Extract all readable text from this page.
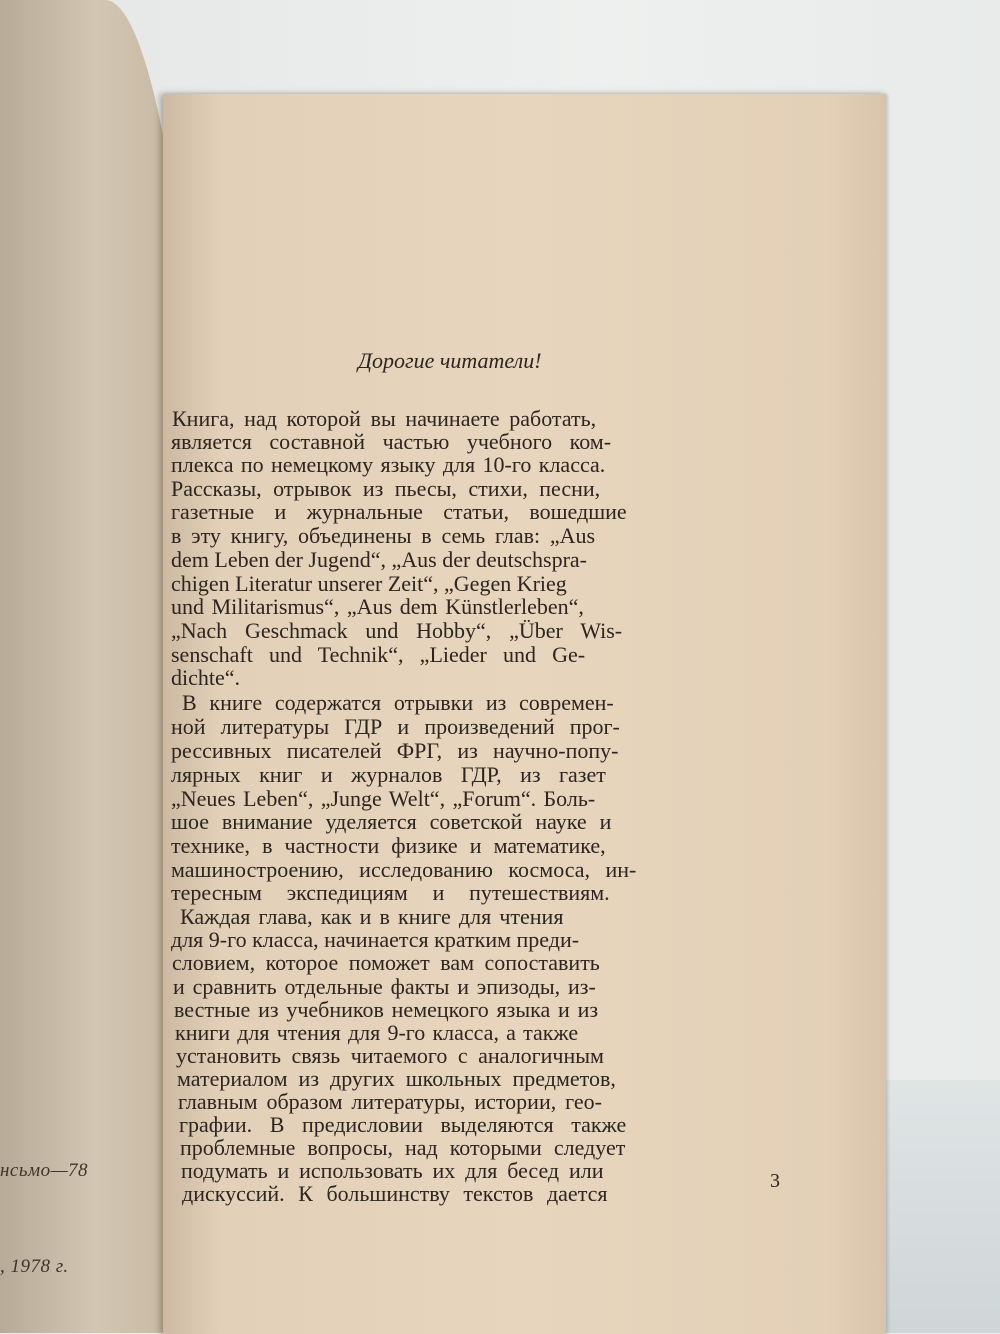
нсьмо—78
, 1978 г.
Дорогие читатели!
Книга, над которой вы начинаете работать,
является составной частью учебного ком-
плекса по немецкому языку для 10-го класса.
Рассказы, отрывок из пьесы, стихи, песни,
газетные и журнальные статьи, вошедшие
в эту книгу, объединены в семь глав: „Aus
dem Leben der Jugend“, „Aus der deutschspra-
chigen Literatur unserer Zeit“, „Gegen Krieg
und Militarismus“, „Aus dem Künstlerleben“,
„Nach Geschmack und Hobby“, „Über Wis-
senschaft und Technik“, „Lieder und Ge-
dichte“.
В книге содержатся отрывки из современ-
ной литературы ГДР и произведений прог-
рессивных писателей ФРГ, из научно-попу-
лярных книг и журналов ГДР, из газет
„Neues Leben“, „Junge Welt“, „Forum“. Боль-
шое внимание уделяется советской науке и
технике, в частности физике и математике,
машиностроению, исследованию космоса, ин-
тересным экспедициям и путешествиям.
Каждая глава, как и в книге для чтения
для 9-го класса, начинается кратким преди-
словием, которое поможет вам сопоставить
и сравнить отдельные факты и эпизоды, из-
вестные из учебников немецкого языка и из
книги для чтения для 9-го класса, а также
установить связь читаемого с аналогичным
материалом из других школьных предметов,
главным образом литературы, истории, гео-
графии. В предисловии выделяются также
проблемные вопросы, над которыми следует
подумать и использовать их для бесед или
дискуссий. К большинству текстов дается	3
